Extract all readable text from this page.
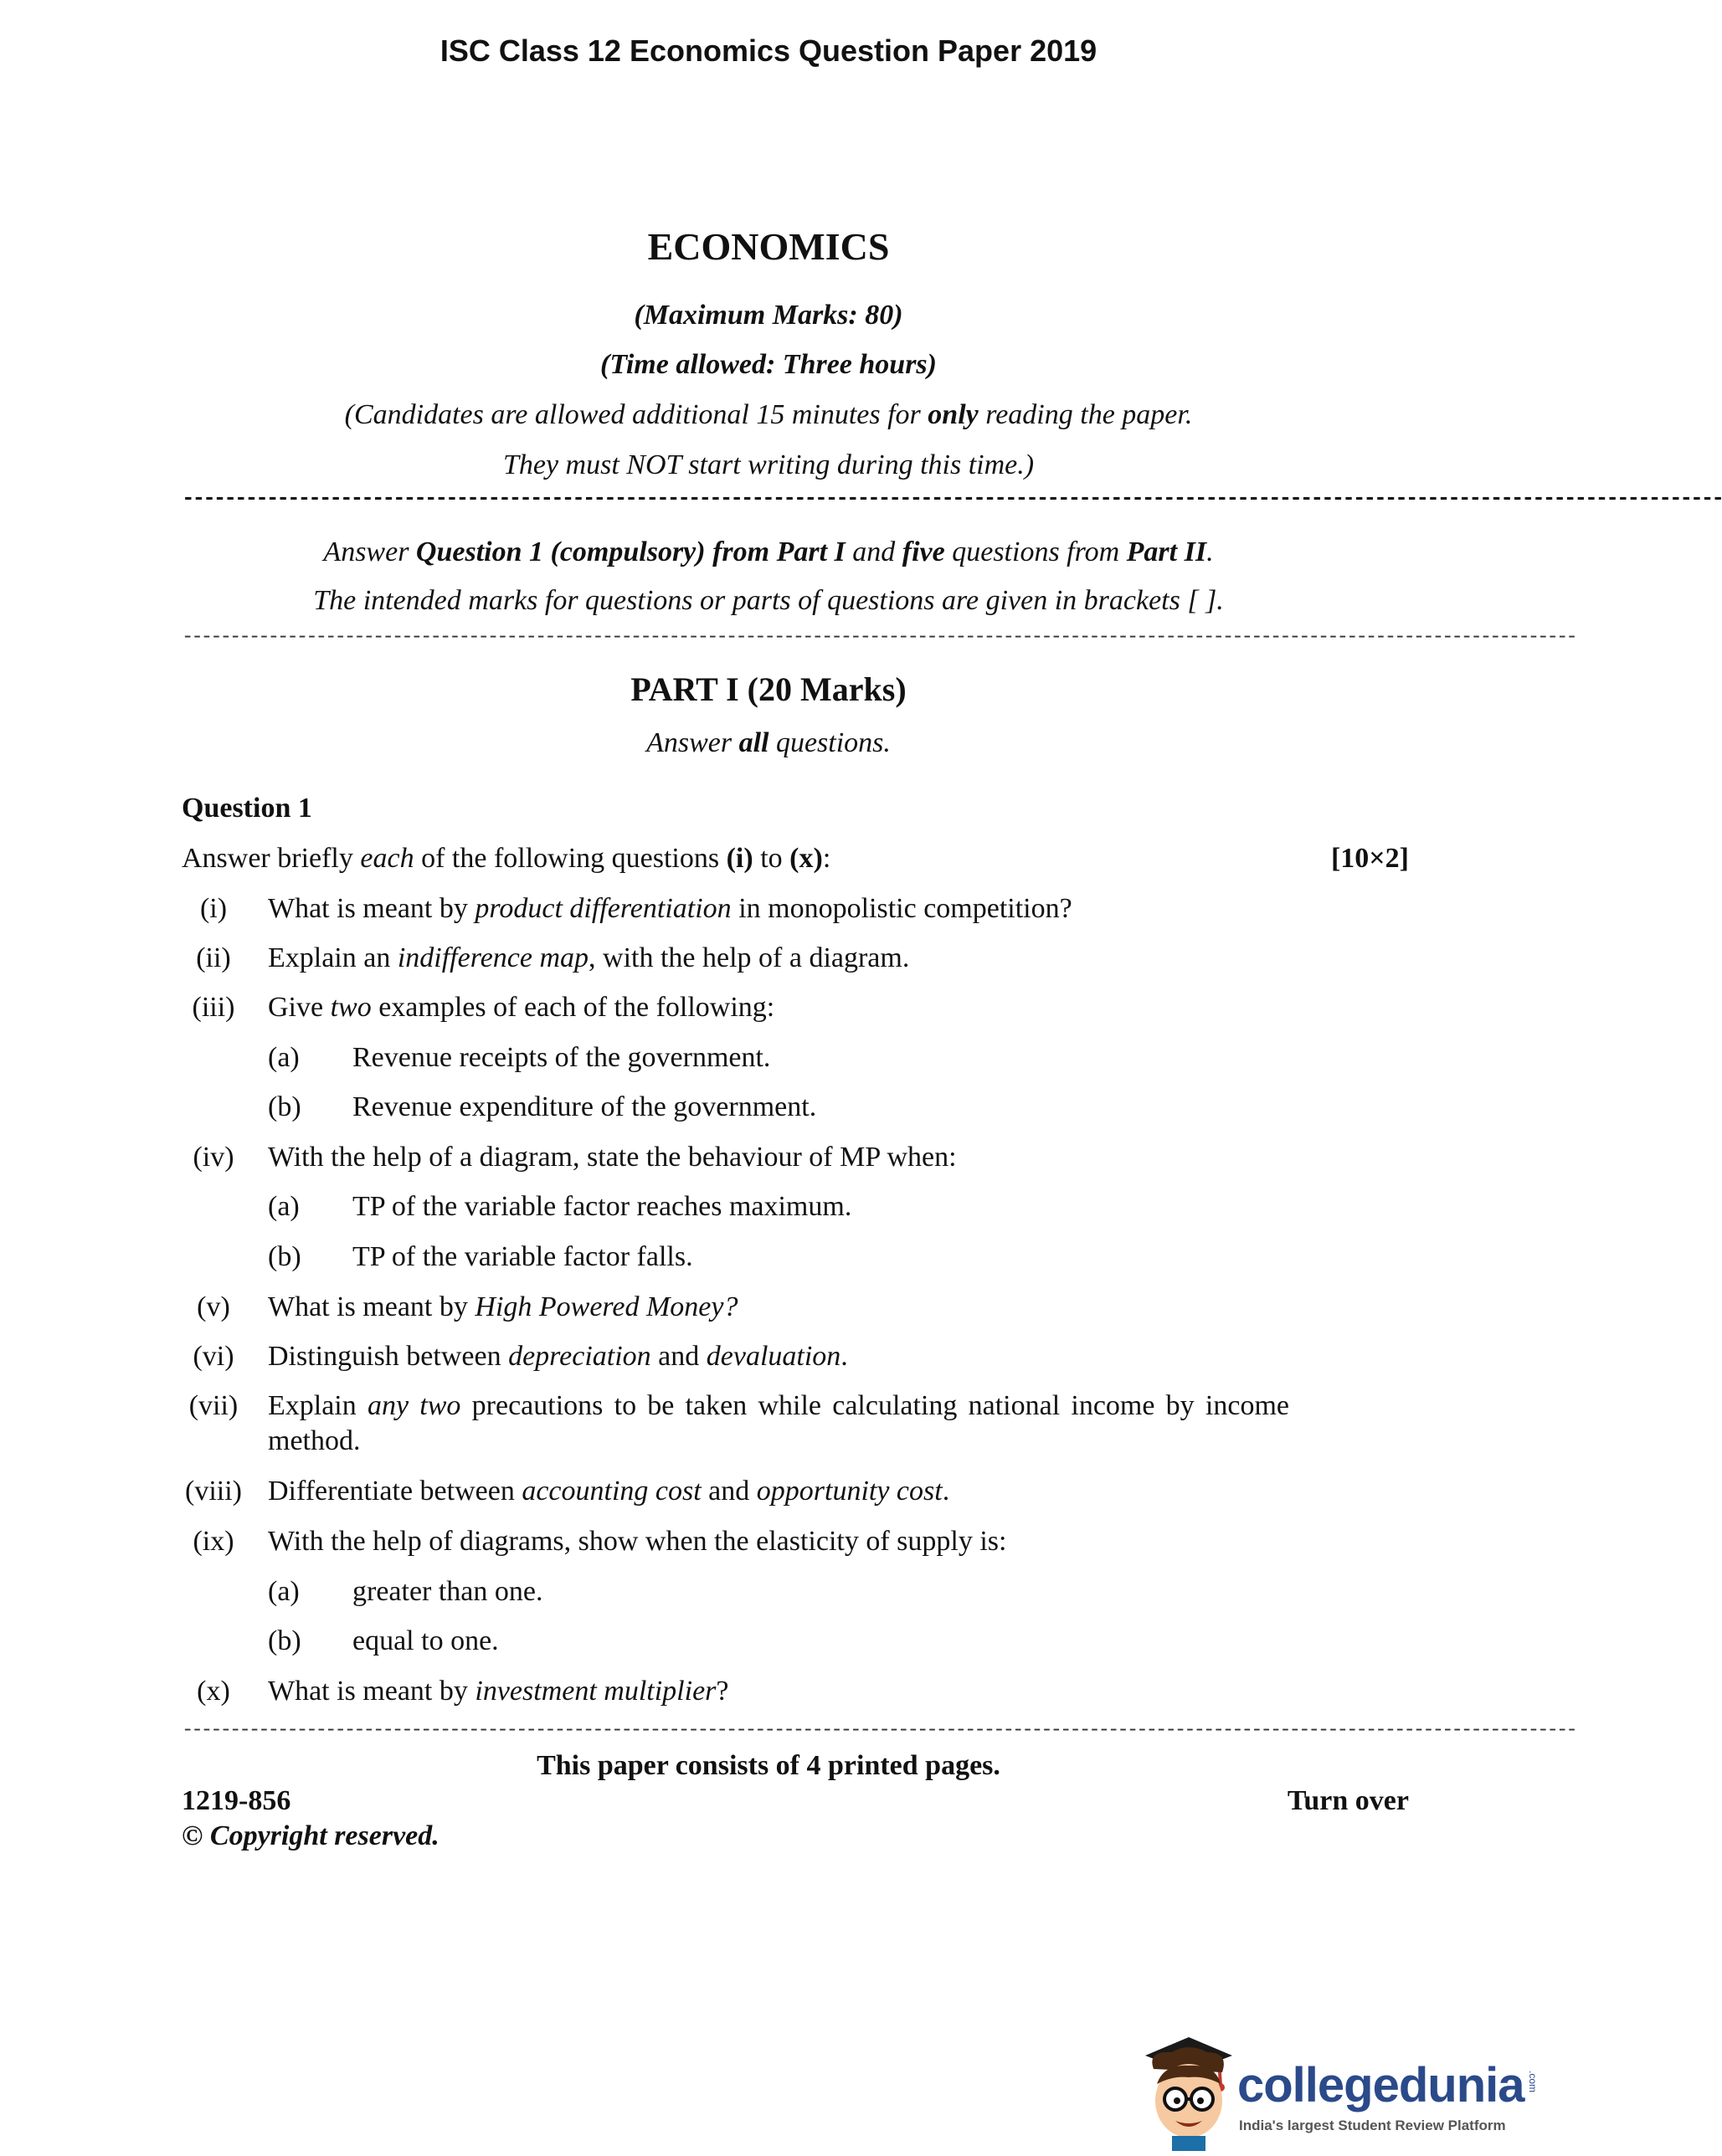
ISC Class 12 Economics Question Paper 2019
ECONOMICS
(Maximum Marks: 80)
(Time allowed: Three hours)
(Candidates are allowed additional 15 minutes for only reading the paper.
They must NOT start writing during this time.)
--------------------------------------------------------------------------------------------------------------------------------------------------
Answer Question 1 (compulsory) from Part I and five questions from Part II.
The intended marks for questions or parts of questions are given in brackets [ ].
--------------------------------------------------------------------------------------------------------------------------------------------------
PART I (20 Marks)
Answer all questions.
Question 1
Answer briefly each of the following questions (i) to (x):	[10×2]
(i)	What is meant by product differentiation in monopolistic competition?
(ii)	Explain an indifference map, with the help of a diagram.
(iii)	Give two examples of each of the following:
(a)	Revenue receipts of the government.
(b)	Revenue expenditure of the government.
(iv)	With the help of a diagram, state the behaviour of MP when:
(a)	TP of the variable factor reaches maximum.
(b)	TP of the variable factor falls.
(v)	What is meant by High Powered Money?
(vi)	Distinguish between depreciation and devaluation.
(vii)	Explain any two precautions to be taken while calculating national income by income method.
(viii) Differentiate between accounting cost and opportunity cost.
(ix)	With the help of diagrams, show when the elasticity of supply is:
(a)	greater than one.
(b)	equal to one.
(x)	What is meant by investment multiplier?
--------------------------------------------------------------------------------------------------------------------------------------------------
This paper consists of 4 printed pages.
1219-856	Turn over
© Copyright reserved.
collegedunia .com
India's largest Student Review Platform
